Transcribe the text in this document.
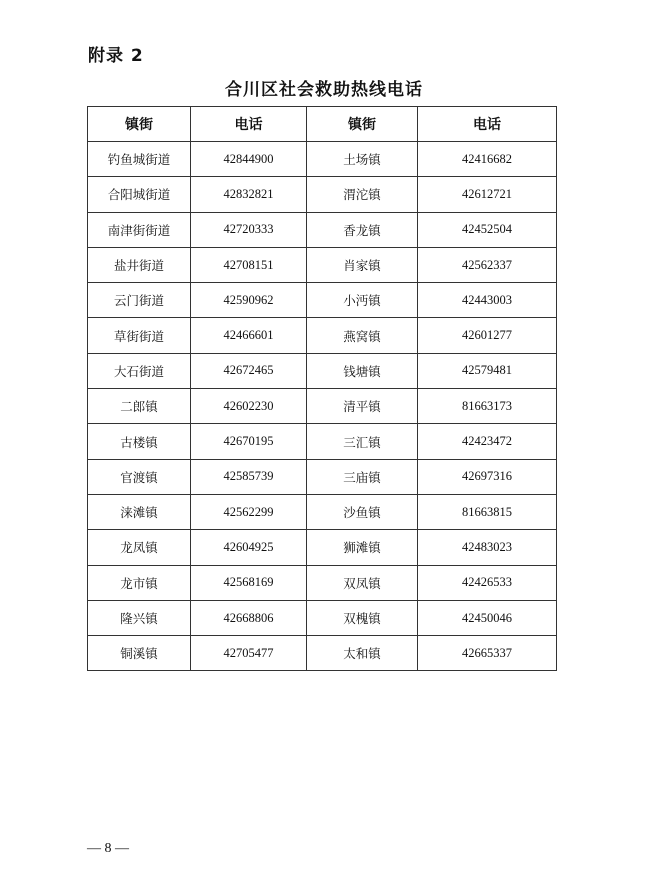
附录 2
合川区社会救助热线电话
镇街	电话	镇街	电话
钓鱼城街道	42844900	土场镇	42416682
合阳城街道	42832821	渭沱镇	42612721
南津街街道	42720333	香龙镇	42452504
盐井街道	42708151	肖家镇	42562337
云门街道	42590962	小沔镇	42443003
草街街道	42466601	燕窝镇	42601277
大石街道	42672465	钱塘镇	42579481
二郎镇	42602230	清平镇	81663173
古楼镇	42670195	三汇镇	42423472
官渡镇	42585739	三庙镇	42697316
涞滩镇	42562299	沙鱼镇	81663815
龙凤镇	42604925	狮滩镇	42483023
龙市镇	42568169	双凤镇	42426533
隆兴镇	42668806	双槐镇	42450046
铜溪镇	42705477	太和镇	42665337
— 8 —
